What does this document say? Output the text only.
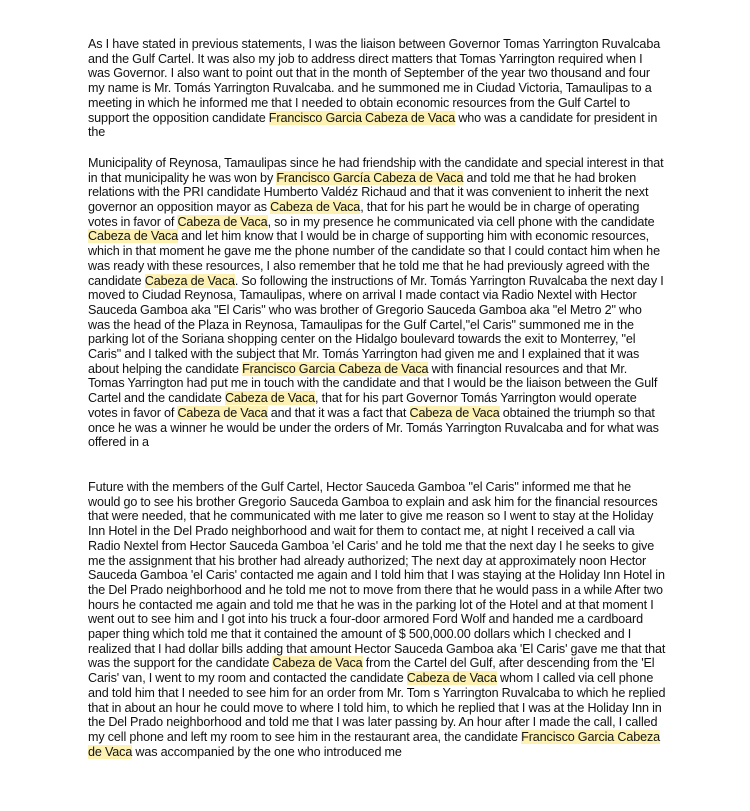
As I have stated in previous statements, I was the liaison between Governor Tomas Yarrington Ruvalcaba and the Gulf Cartel. It was also my job to address direct matters that Tomas Yarrington required when I was Governor. I also want to point out that in the month of September of the year two thousand and four my name is Mr. Tomás Yarrington Ruvalcaba. and he summoned me in Ciudad Victoria, Tamaulipas to a meeting in which he informed me that I needed to obtain economic resources from the Gulf Cartel to support the opposition candidate Francisco Garcia Cabeza de Vaca who was a candidate for president in the

Municipality of Reynosa, Tamaulipas since he had friendship with the candidate and special interest in that in that municipality he was won by Francisco García Cabeza de Vaca and told me that he had broken relations with the PRI candidate Humberto Valdéz Richaud and that it was convenient to inherit the next governor an opposition mayor as Cabeza de Vaca, that for his part he would be in charge of operating votes in favor of Cabeza de Vaca, so in my presence he communicated via cell phone with the candidate Cabeza de Vaca and let him know that I would be in charge of supporting him with economic resources, which in that moment he gave me the phone number of the candidate so that I could contact him when he was ready with these resources, I also remember that he told me that he had previously agreed with the candidate Cabeza de Vaca. So following the instructions of Mr. Tomás Yarrington Ruvalcaba the next day I moved to Ciudad Reynosa, Tamaulipas, where on arrival I made contact via Radio Nextel with Hector Sauceda Gamboa aka "El Caris" who was brother of Gregorio Sauceda Gamboa aka "el Metro 2" who was the head of the Plaza in Reynosa, Tamaulipas for the Gulf Cartel,"el Caris" summoned me in the parking lot of the Soriana shopping center on the Hidalgo boulevard towards the exit to Monterrey, "el Caris" and I talked with the subject that Mr. Tomás Yarrington had given me and I explained that it was about helping the candidate Francisco Garcia Cabeza de Vaca with financial resources and that Mr. Tomas Yarrington had put me in touch with the candidate and that I would be the liaison between the Gulf Cartel and the candidate Cabeza de Vaca, that for his part Governor Tomás Yarrington would operate votes in favor of Cabeza de Vaca and that it was a fact that Cabeza de Vaca obtained the triumph so that once he was a winner he would be under the orders of Mr. Tomás Yarrington Ruvalcaba and for what was offered in a

Future with the members of the Gulf Cartel, Hector Sauceda Gamboa "el Caris" informed me that he would go to see his brother Gregorio Sauceda Gamboa to explain and ask him for the financial resources that were needed, that he communicated with me later to give me reason so I went to stay at the Holiday Inn Hotel in the Del Prado neighborhood and wait for them to contact me, at night I received a call via Radio Nextel from Hector Sauceda Gamboa 'el Caris' and he told me that the next day I he seeks to give me the assignment that his brother had already authorized; The next day at approximately noon Hector Sauceda Gamboa 'el Caris' contacted me again and I told him that I was staying at the Holiday Inn Hotel in the Del Prado neighborhood and he told me not to move from there that he would pass in a while After two hours he contacted me again and told me that he was in the parking lot of the Hotel and at that moment I went out to see him and I got into his truck a four-door armored Ford Wolf and handed me a cardboard paper thing which told me that it contained the amount of $ 500,000.00 dollars which I checked and I realized that I had dollar bills adding that amount Hector Sauceda Gamboa aka 'El Caris' gave me that that was the support for the candidate Cabeza de Vaca from the Cartel del Gulf, after descending from the 'El Caris' van, I went to my room and contacted the candidate Cabeza de Vaca whom I called via cell phone and told him that I needed to see him for an order from Mr. Tom s Yarrington Ruvalcaba to which he replied that in about an hour he could move to where I told him, to which he replied that I was at the Holiday Inn in the Del Prado neighborhood and told me that I was later passing by. An hour after I made the call, I called my cell phone and left my room to see him in the restaurant area, the candidate Francisco Garcia Cabeza de Vaca was accompanied by the one who introduced me
